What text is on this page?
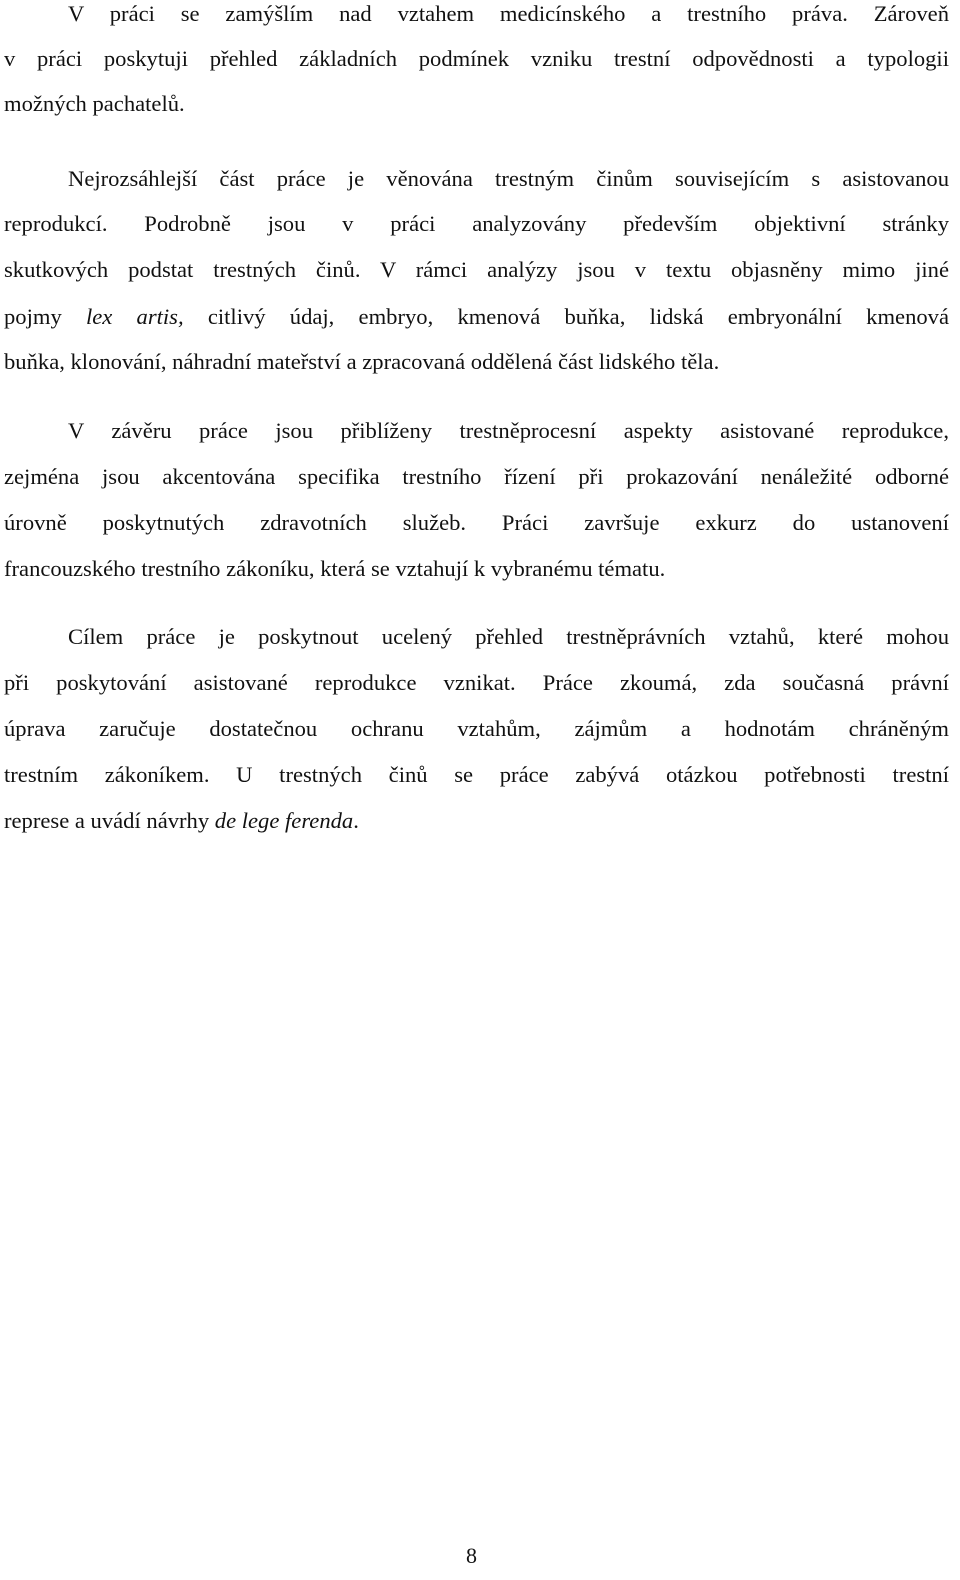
V práci se zamýšlím nad vztahem medicínského a trestního práva. Zároveň
v práci poskytuji přehled základních podmínek vzniku trestní odpovědnosti a typologii
možných pachatelů.
Nejrozsáhlejší část práce je věnována trestným činům souvisejícím s asistovanou
reprodukcí. Podrobně jsou v práci analyzovány především objektivní stránky
skutkových podstat trestných činů. V rámci analýzy jsou v textu objasněny mimo jiné
pojmy lex artis, citlivý údaj, embryo, kmenová buňka, lidská embryonální kmenová
buňka, klonování, náhradní mateřství a zpracovaná oddělená část lidského těla.
V závěru práce jsou přiblíženy trestněprocesní aspekty asistované reprodukce,
zejména jsou akcentována specifika trestního řízení při prokazování nenáležité odborné
úrovně poskytnutých zdravotních služeb. Práci završuje exkurz do ustanovení
francouzského trestního zákoníku, která se vztahují k vybranému tématu.
Cílem práce je poskytnout ucelený přehled trestněprávních vztahů, které mohou
při poskytování asistované reprodukce vznikat. Práce zkoumá, zda současná právní
úprava zaručuje dostatečnou ochranu vztahům, zájmům a hodnotám chráněným
trestním zákoníkem. U trestných činů se práce zabývá otázkou potřebnosti trestní
represe a uvádí návrhy de lege ferenda.
8
